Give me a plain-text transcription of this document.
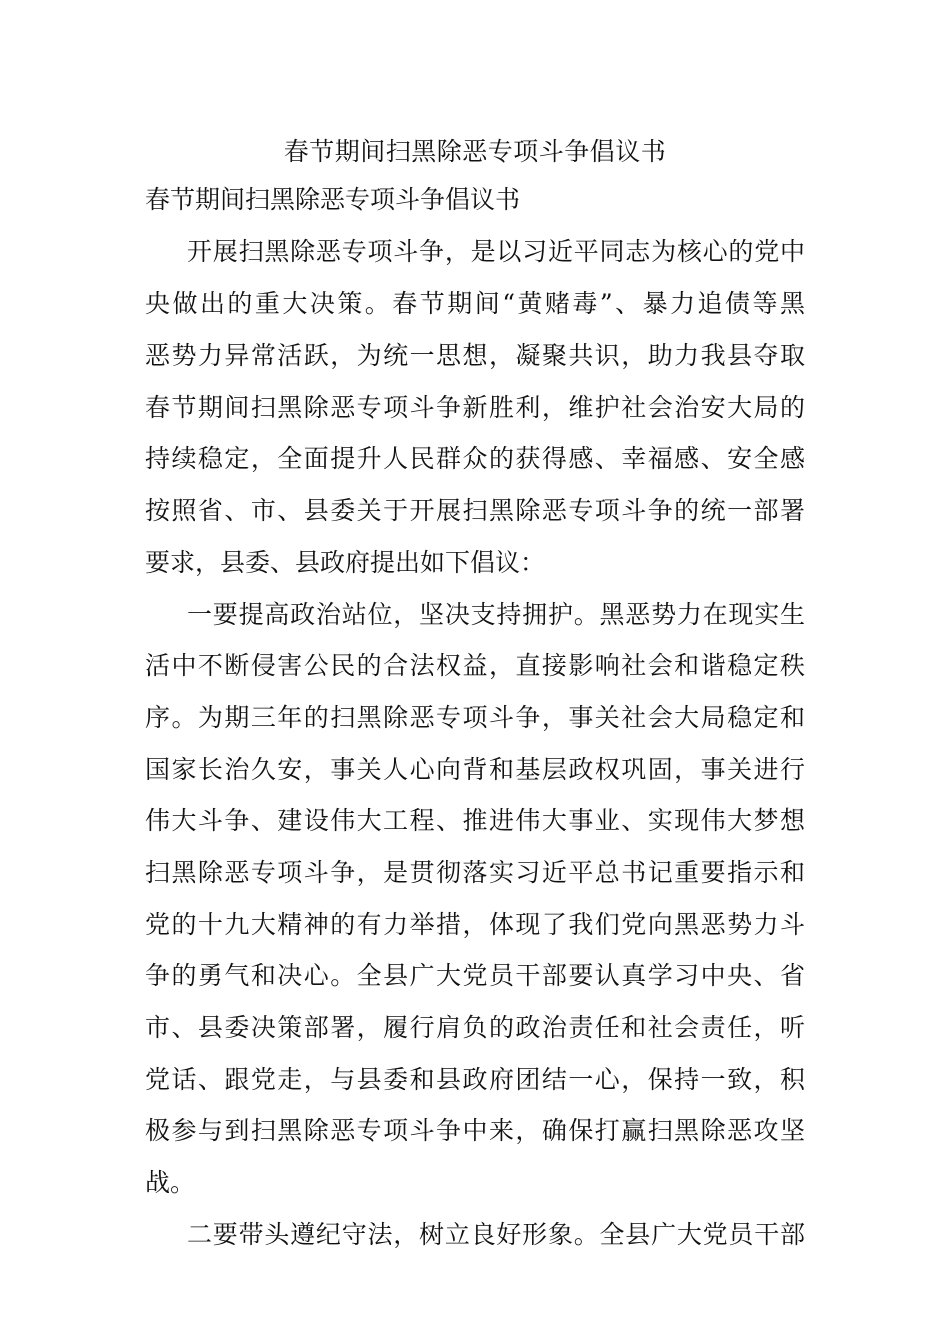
春节期间扫黑除恶专项斗争倡议书
春节期间扫黑除恶专项斗争倡议书
开展扫黑除恶专项斗争，是以习近平同志为核心的党中
央做出的重大决策。春节期间“黄赌毒”、暴力追债等黑
恶势力异常活跃，为统一思想，凝聚共识，助力我县夺取
春节期间扫黑除恶专项斗争新胜利，维护社会治安大局的
持续稳定，全面提升人民群众的获得感、幸福感、安全感
按照省、市、县委关于开展扫黑除恶专项斗争的统一部署
要求，县委、县政府提出如下倡议：
一要提高政治站位，坚决支持拥护。黑恶势力在现实生
活中不断侵害公民的合法权益，直接影响社会和谐稳定秩
序。为期三年的扫黑除恶专项斗争，事关社会大局稳定和
国家长治久安，事关人心向背和基层政权巩固，事关进行
伟大斗争、建设伟大工程、推进伟大事业、实现伟大梦想
扫黑除恶专项斗争，是贯彻落实习近平总书记重要指示和
党的十九大精神的有力举措，体现了我们党向黑恶势力斗
争的勇气和决心。全县广大党员干部要认真学习中央、省
市、县委决策部署，履行肩负的政治责任和社会责任，听
党话、跟党走，与县委和县政府团结一心，保持一致，积
极参与到扫黑除恶专项斗争中来，确保打赢扫黑除恶攻坚
战。
二要带头遵纪守法，树立良好形象。全县广大党员干部
